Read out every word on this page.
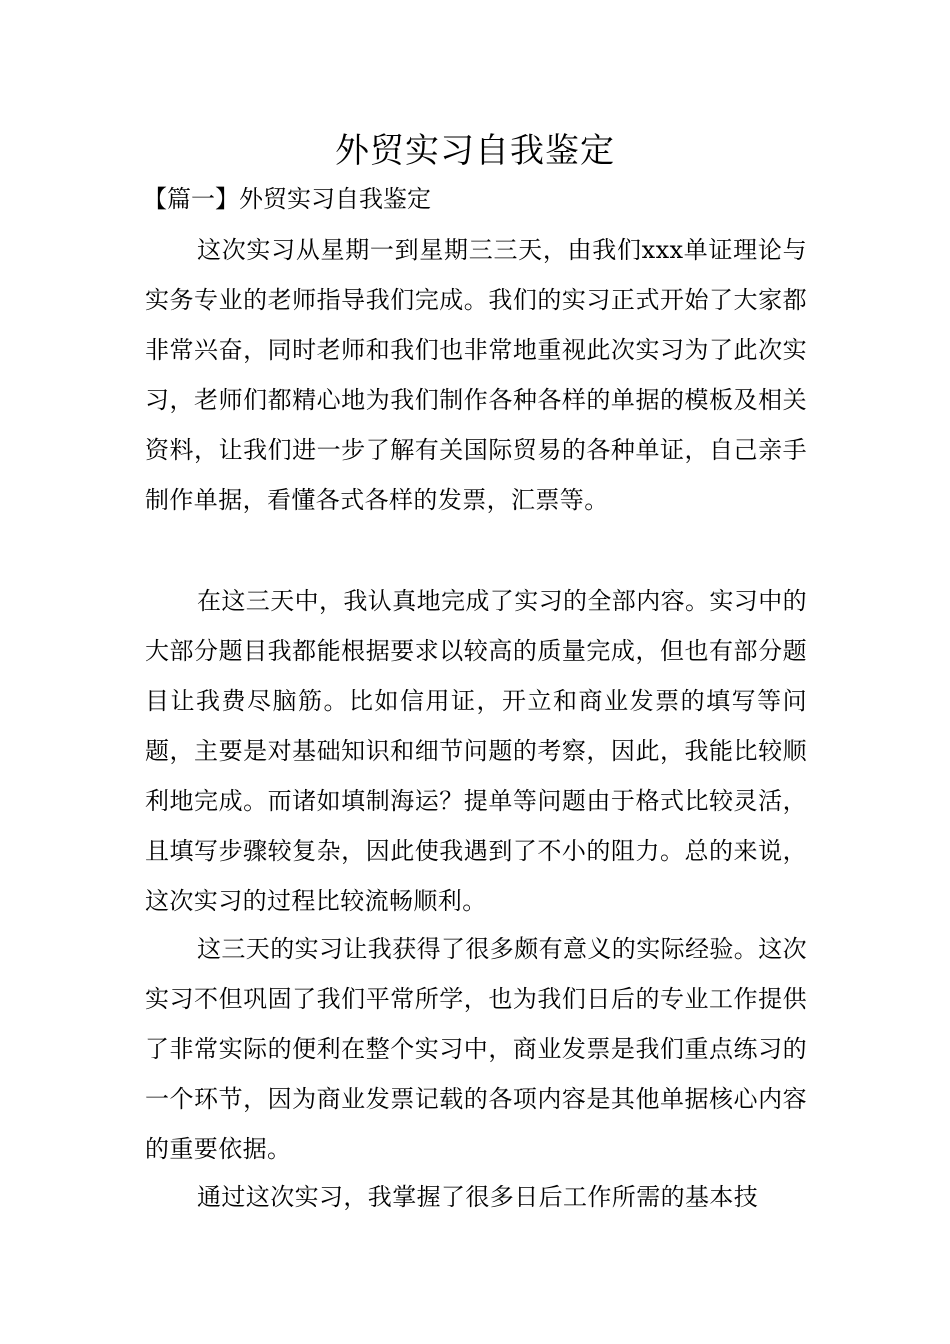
外贸实习自我鉴定
【篇一】外贸实习自我鉴定

这次实习从星期一到星期三三天，由我们xxx单证理论与实务专业的老师指导我们完成。我们的实习正式开始了大家都非常兴奋，同时老师和我们也非常地重视此次实习为了此次实习，老师们都精心地为我们制作各种各样的单据的模板及相关资料，让我们进一步了解有关国际贸易的各种单证，自己亲手制作单据，看懂各式各样的发票，汇票等。

在这三天中，我认真地完成了实习的全部内容。实习中的大部分题目我都能根据要求以较高的质量完成，但也有部分题目让我费尽脑筋。比如信用证，开立和商业发票的填写等问题，主要是对基础知识和细节问题的考察，因此，我能比较顺利地完成。而诸如填制海运？提单等问题由于格式比较灵活，且填写步骤较复杂，因此使我遇到了不小的阻力。总的来说，这次实习的过程比较流畅顺利。

这三天的实习让我获得了很多颇有意义的实际经验。这次实习不但巩固了我们平常所学，也为我们日后的专业工作提供了非常实际的便利在整个实习中，商业发票是我们重点练习的一个环节，因为商业发票记载的各项内容是其他单据核心内容的重要依据。

通过这次实习，我掌握了很多日后工作所需的基本技
